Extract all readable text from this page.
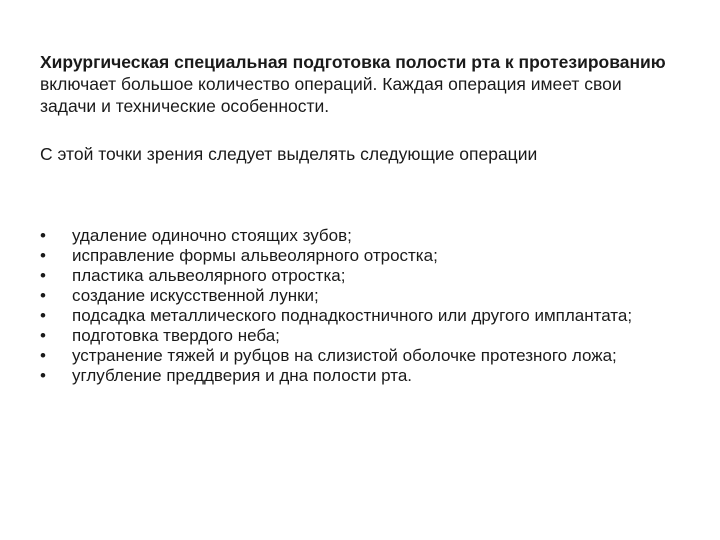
Хирургическая специальная подготовка полости рта к протезированию включает большое количество операций. Каждая операция имеет свои задачи и технические особенности.

С этой точки зрения следует выделять следующие операции

•	удаление одиночно стоящих зубов;
•	исправление формы альвеолярного отростка;
•	пластика альвеолярного отростка;
•	создание искусственной лунки;
•	подсадка металлического поднадкостничного или другого имплантата;
•	подготовка твердого неба;
•	устранение тяжей и рубцов на слизистой оболочке протезного ложа;
•	углубление преддверия и дна полости рта.
